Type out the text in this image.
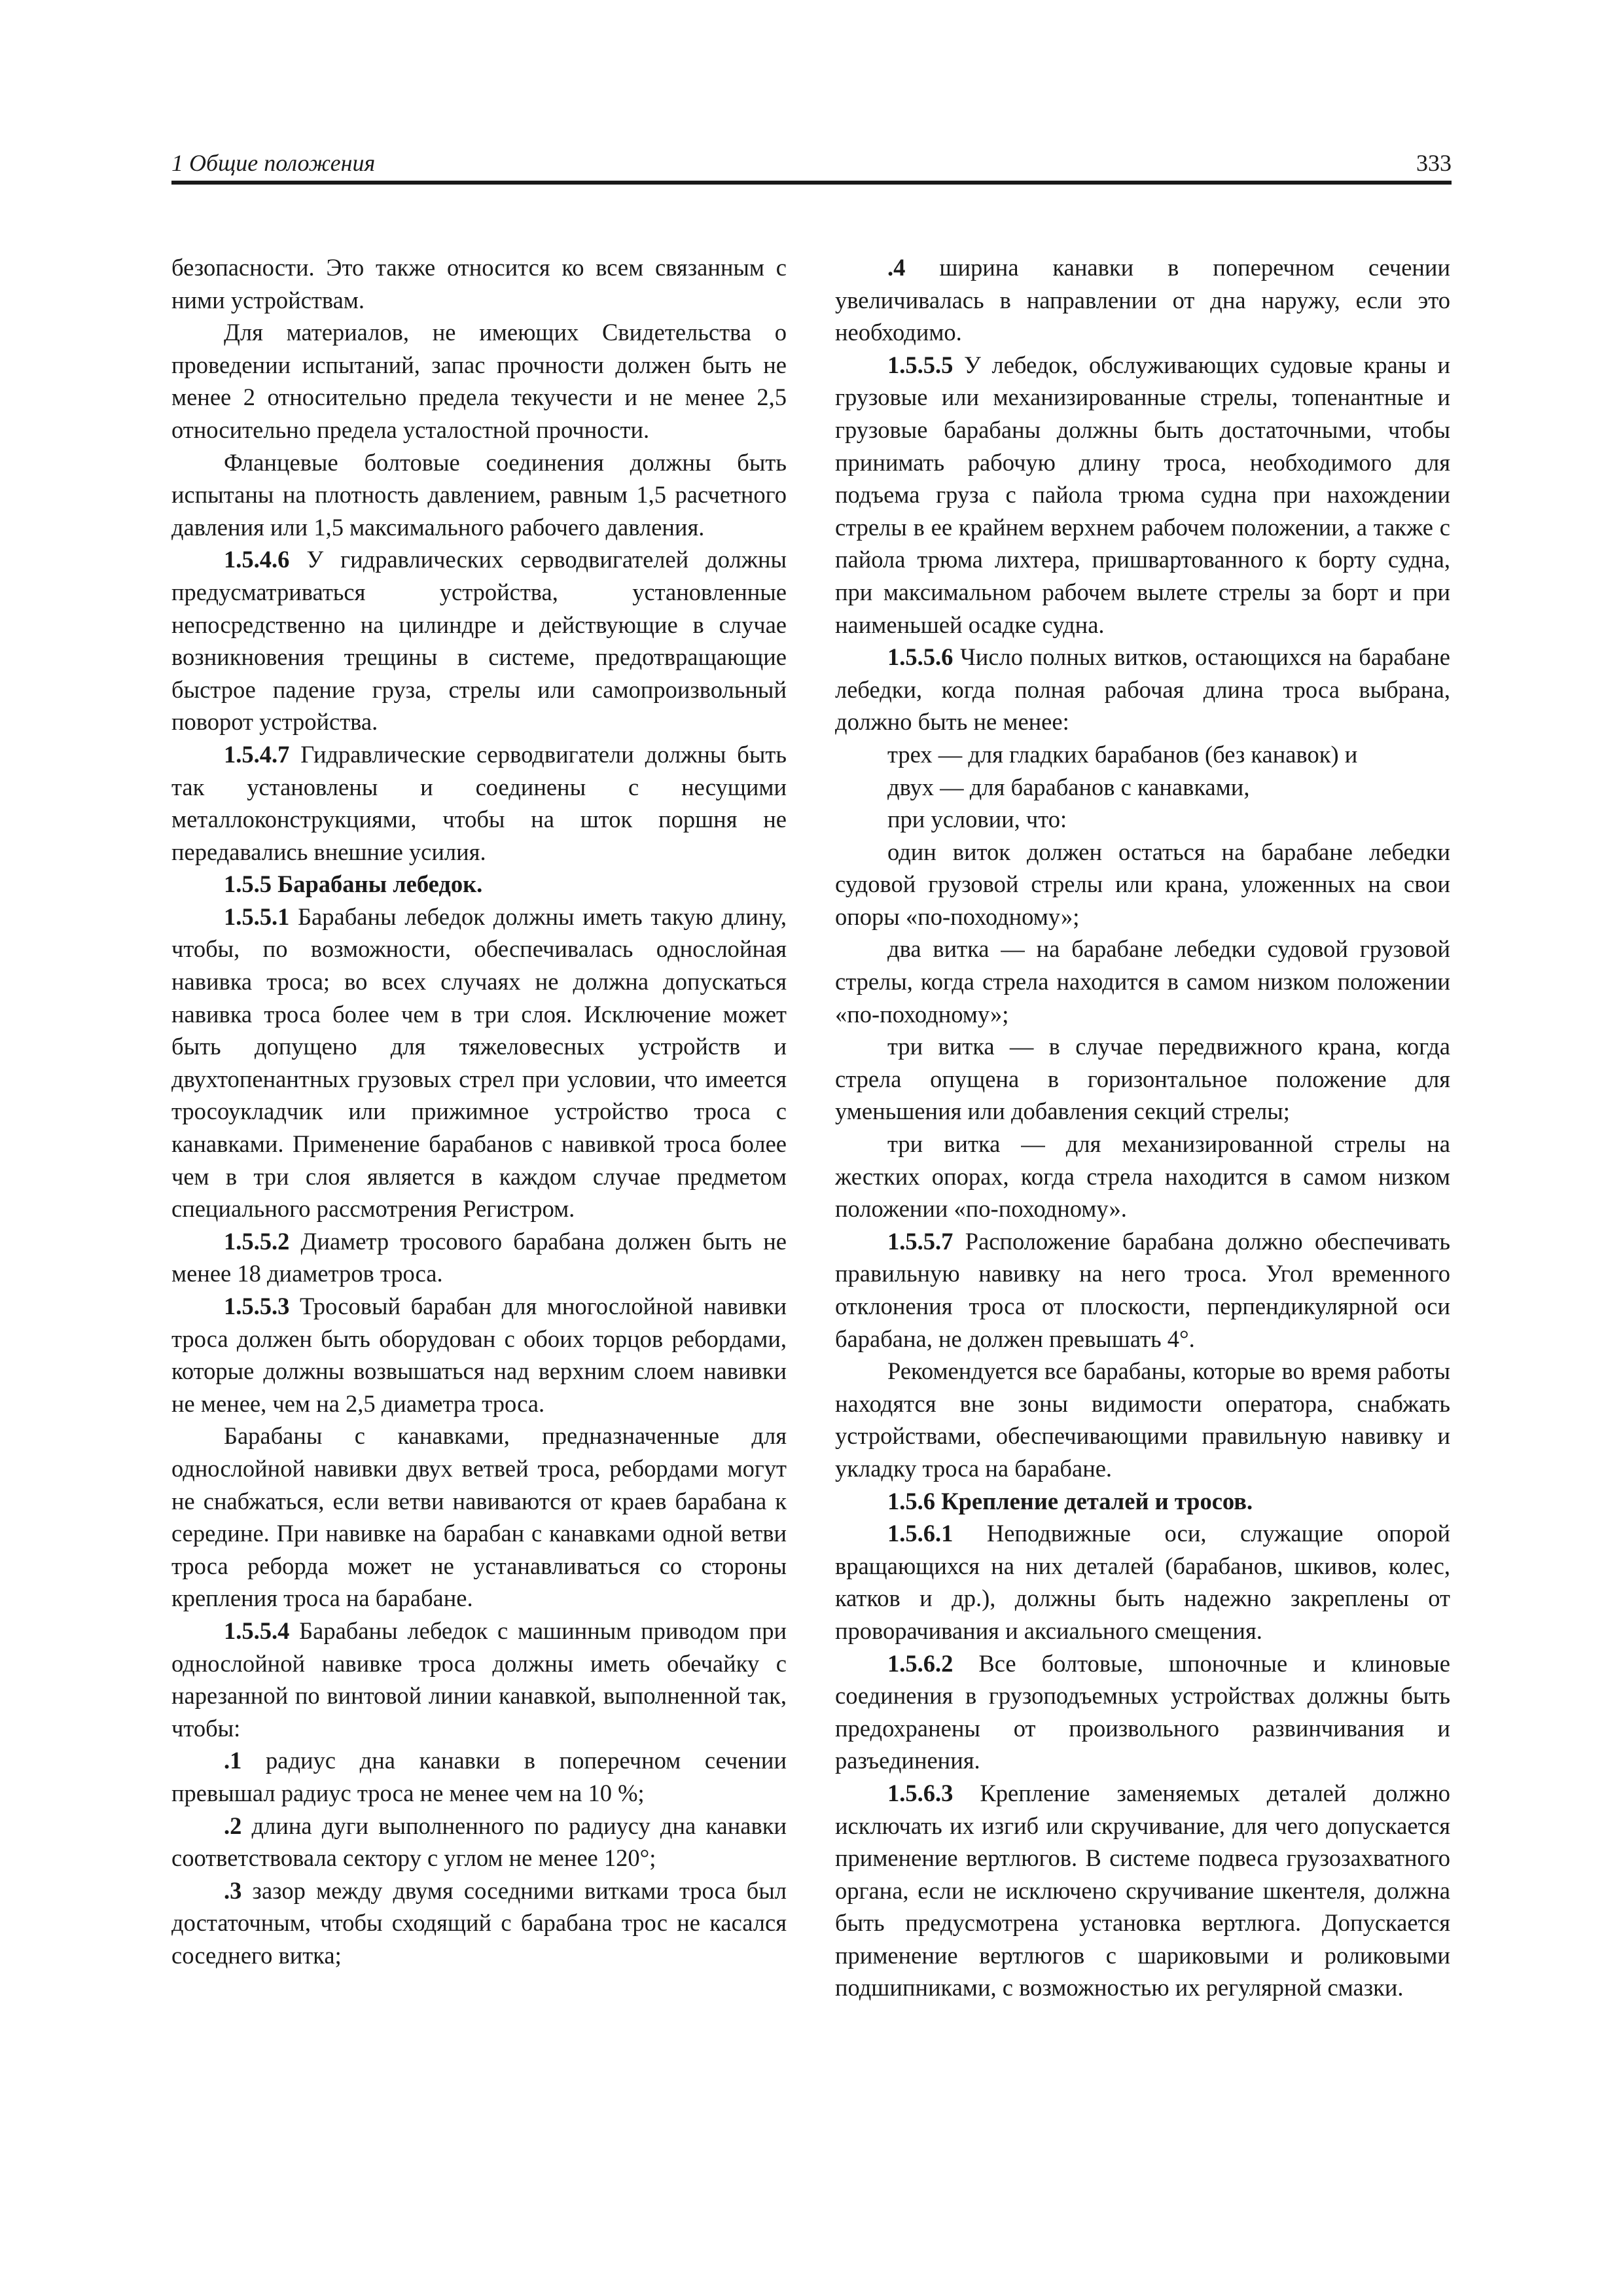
1 Общие положения	333

безопасности. Это также относится ко всем связанным с ними устройствам.

Для материалов, не имеющих Свидетельства о проведении испытаний, запас прочности должен быть не менее 2 относительно предела текучести и не менее 2,5 относительно предела усталостной прочности.

Фланцевые болтовые соединения должны быть испытаны на плотность давлением, равным 1,5 расчетного давления или 1,5 максимального рабочего давления.

1.5.4.6 У гидравлических серводвигателей должны предусматриваться устройства, установленные непосредственно на цилиндре и действующие в случае возникновения трещины в системе, предотвращающие быстрое падение груза, стрелы или самопроизвольный поворот устройства.

1.5.4.7 Гидравлические серводвигатели должны быть так установлены и соединены с несущими металлоконструкциями, чтобы на шток поршня не передавались внешние усилия.

1.5.5 Барабаны лебедок.

1.5.5.1 Барабаны лебедок должны иметь такую длину, чтобы, по возможности, обеспечивалась однослойная навивка троса; во всех случаях не должна допускаться навивка троса более чем в три слоя. Исключение может быть допущено для тяжеловесных устройств и двухтопенантных грузовых стрел при условии, что имеется тросоукладчик или прижимное устройство троса с канавками. Применение барабанов с навивкой троса более чем в три слоя является в каждом случае предметом специального рассмотрения Регистром.

1.5.5.2 Диаметр тросового барабана должен быть не менее 18 диаметров троса.

1.5.5.3 Тросовый барабан для многослойной навивки троса должен быть оборудован с обоих торцов ребордами, которые должны возвышаться над верхним слоем навивки не менее, чем на 2,5 диаметра троса.

Барабаны с канавками, предназначенные для однослойной навивки двух ветвей троса, ребордами могут не снабжаться, если ветви навиваются от краев барабана к середине. При навивке на барабан с канавками одной ветви троса реборда может не устанавливаться со стороны крепления троса на барабане.

1.5.5.4 Барабаны лебедок с машинным приводом при однослойной навивке троса должны иметь обечайку с нарезанной по винтовой линии канавкой, выполненной так, чтобы:

.1 радиус дна канавки в поперечном сечении превышал радиус троса не менее чем на 10 %;

.2 длина дуги выполненного по радиусу дна канавки соответствовала сектору с углом не менее 120°;

.3 зазор между двумя соседними витками троса был достаточным, чтобы сходящий с барабана трос не касался соседнего витка;

.4 ширина канавки в поперечном сечении увеличивалась в направлении от дна наружу, если это необходимо.

1.5.5.5 У лебедок, обслуживающих судовые краны и грузовые или механизированные стрелы, топенантные и грузовые барабаны должны быть достаточными, чтобы принимать рабочую длину троса, необходимого для подъема груза с пайола трюма судна при нахождении стрелы в ее крайнем верхнем рабочем положении, а также с пайола трюма лихтера, пришвартованного к борту судна, при максимальном рабочем вылете стрелы за борт и при наименьшей осадке судна.

1.5.5.6 Число полных витков, остающихся на барабане лебедки, когда полная рабочая длина троса выбрана, должно быть не менее:

трех — для гладких барабанов (без канавок) и

двух — для барабанов с канавками,

при условии, что:

один виток должен остаться на барабане лебедки судовой грузовой стрелы или крана, уложенных на свои опоры «по-походному»;

два витка — на барабане лебедки судовой грузовой стрелы, когда стрела находится в самом низком положении «по-походному»;

три витка — в случае передвижного крана, когда стрела опущена в горизонтальное положение для уменьшения или добавления секций стрелы;

три витка — для механизированной стрелы на жестких опорах, когда стрела находится в самом низком положении «по-походному».

1.5.5.7 Расположение барабана должно обеспечивать правильную навивку на него троса. Угол временного отклонения троса от плоскости, перпендикулярной оси барабана, не должен превышать 4°.

Рекомендуется все барабаны, которые во время работы находятся вне зоны видимости оператора, снабжать устройствами, обеспечивающими правильную навивку и укладку троса на барабане.

1.5.6 Крепление деталей и тросов.

1.5.6.1 Неподвижные оси, служащие опорой вращающихся на них деталей (барабанов, шкивов, колес, катков и др.), должны быть надежно закреплены от проворачивания и аксиального смещения.

1.5.6.2 Все болтовые, шпоночные и клиновые соединения в грузоподъемных устройствах должны быть предохранены от произвольного развинчивания и разъединения.

1.5.6.3 Крепление заменяемых деталей должно исключать их изгиб или скручивание, для чего допускается применение вертлюгов. В системе подвеса грузозахватного органа, если не исключено скручивание шкентеля, должна быть предусмотрена установка вертлюга. Допускается применение вертлюгов с шариковыми и роликовыми подшипниками, с возможностью их регулярной смазки.
